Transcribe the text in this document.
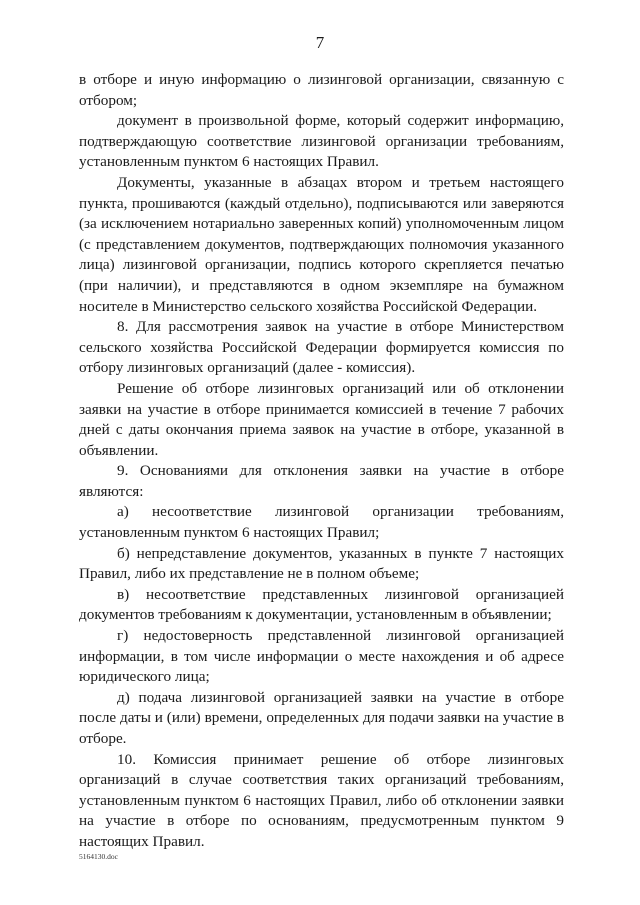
7

в отборе и иную информацию о лизинговой организации, связанную с отбором;

документ в произвольной форме, который содержит информацию, подтверждающую соответствие лизинговой организации требованиям, установленным пунктом 6 настоящих Правил.

Документы, указанные в абзацах втором и третьем настоящего пункта, прошиваются (каждый отдельно), подписываются или заверяются (за исключением нотариально заверенных копий) уполномоченным лицом (с представлением документов, подтверждающих полномочия указанного лица) лизинговой организации, подпись которого скрепляется печатью (при наличии), и представляются в одном экземпляре на бумажном носителе в Министерство сельского хозяйства Российской Федерации.

8. Для рассмотрения заявок на участие в отборе Министерством сельского хозяйства Российской Федерации формируется комиссия по отбору лизинговых организаций (далее - комиссия).

Решение об отборе лизинговых организаций или об отклонении заявки на участие в отборе принимается комиссией в течение 7 рабочих дней с даты окончания приема заявок на участие в отборе, указанной в объявлении.

9. Основаниями для отклонения заявки на участие в отборе являются:

а) несоответствие лизинговой организации требованиям, установленным пунктом 6 настоящих Правил;

б) непредставление документов, указанных в пункте 7 настоящих Правил, либо их представление не в полном объеме;

в) несоответствие представленных лизинговой организацией документов требованиям к документации, установленным в объявлении;

г) недостоверность представленной лизинговой организацией информации, в том числе информации о месте нахождения и об адресе юридического лица;

д) подача лизинговой организацией заявки на участие в отборе после даты и (или) времени, определенных для подачи заявки на участие в отборе.

10. Комиссия принимает решение об отборе лизинговых организаций в случае соответствия таких организаций требованиям, установленным пунктом 6 настоящих Правил, либо об отклонении заявки на участие в отборе по основаниям, предусмотренным пунктом 9 настоящих Правил.

5164130.doc
